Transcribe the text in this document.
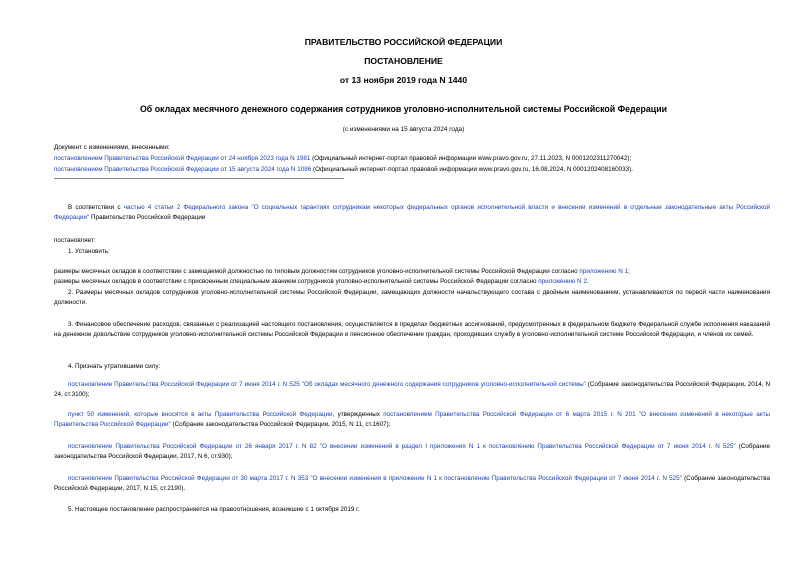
ПРАВИТЕЛЬСТВО РОССИЙСКОЙ ФЕДЕРАЦИИ
ПОСТАНОВЛЕНИЕ
от 13 ноября 2019 года N 1440
Об окладах месячного денежного содержания сотрудников уголовно-исполнительной системы Российской Федерации
(с изменениями на 15 августа 2024 года)
Документ с изменениями, внесенными:
постановлением Правительства Российской Федерации от 24 ноября 2023 года N 1981 (Официальный интернет-портал правовой информации www.pravo.gov.ru, 27.11.2023, N 0001202311270042);
постановлением Правительства Российской Федерации от 15 августа 2024 года N 1086 (Официальный интернет-портал правовой информации www.pravo.gov.ru, 16.08.2024, N 0001202408160033).
В соответствии с частью 4 статьи 2 Федерального закона "О социальных гарантиях сотрудникам некоторых федеральных органов исполнительной власти и внесении изменений в отдельные законодательные акты Российской Федерации" Правительство Российской Федерации
постановляет:
1. Установить:
размеры месячных окладов в соответствии с замещаемой должностью по типовым должностям сотрудников уголовно-исполнительной системы Российской Федерации согласно приложению N 1;
размеры месячных окладов в соответствии с присвоенным специальным званием сотрудников уголовно-исполнительной системы Российской Федерации согласно приложению N 2.
2. Размеры месячных окладов сотрудников уголовно-исполнительной системы Российской Федерации, замещающих должности начальствующего состава с двойным наименованием, устанавливаются по первой части наименования должности.
3. Финансовое обеспечение расходов, связанных с реализацией настоящего постановления, осуществляется в пределах бюджетных ассигнований, предусмотренных в федеральном бюджете Федеральной службе исполнения наказаний на денежное довольствие сотрудников уголовно-исполнительной системы Российской Федерации и пенсионное обеспечение граждан, проходивших службу в уголовно-исполнительной системе Российской Федерации, и членов их семей.
4. Признать утратившими силу:
постановление Правительства Российской Федерации от 7 июня 2014 г. N 525 "Об окладах месячного денежного содержания сотрудников уголовно-исполнительной системы" (Собрание законодательства Российской Федерации, 2014, N 24, ст.3100);
пункт 50 изменений, которые вносятся в акты Правительства Российской Федерации, утвержденных постановлением Правительства Российской Федерации от 6 марта 2015 г. N 201 "О внесении изменений в некоторые акты Правительства Российской Федерации" (Собрание законодательства Российской Федерации, 2015, N 11, ст.1607);
постановление Правительства Российской Федерации от 26 января 2017 г. N 82 "О внесении изменений в раздел I приложения N 1 к постановлению Правительства Российской Федерации от 7 июня 2014 г. N 525" (Собрание законодательства Российской Федерации, 2017, N 6, ст.930);
постановление Правительства Российской Федерации от 30 марта 2017 г. N 353 "О внесении изменения в приложение N 1 к постановлению Правительства Российской Федерации от 7 июня 2014 г. N 525" (Собрание законодательства Российской Федерации, 2017, N 15, ст.2190).
5. Настоящее постановление распространяется на правоотношения, возникшие с 1 октября 2019 г.
